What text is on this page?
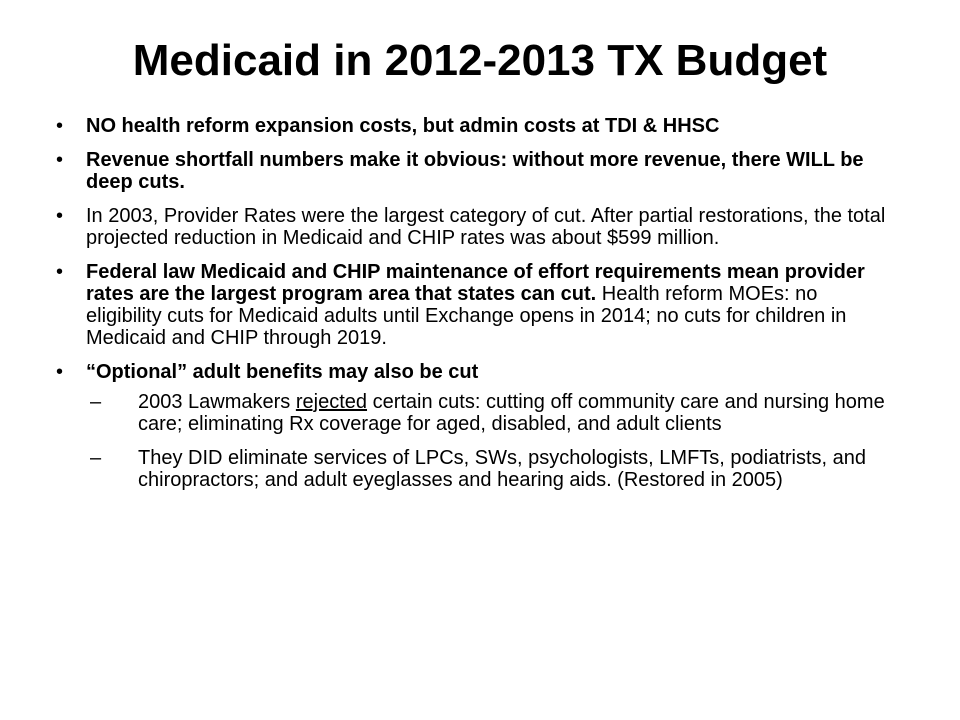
Medicaid in 2012-2013 TX Budget
•	NO health reform expansion costs, but admin costs at TDI & HHSC
•	Revenue shortfall numbers make it obvious: without more revenue, there WILL be deep cuts.
•	In 2003, Provider Rates were the largest category of cut. After partial restorations, the total projected reduction in Medicaid and CHIP rates was about $599 million.
•	Federal law Medicaid and CHIP maintenance of effort requirements mean provider rates are the largest program area that states can cut. Health reform MOEs: no eligibility cuts for Medicaid adults until Exchange opens in 2014; no cuts for children in Medicaid and CHIP through 2019.
•	“Optional” adult benefits may also be cut
–	2003 Lawmakers rejected certain cuts: cutting off community care and nursing home care; eliminating Rx coverage for aged, disabled, and adult clients
–	They DID eliminate services of LPCs, SWs, psychologists, LMFTs, podiatrists, and chiropractors; and adult eyeglasses and hearing aids. (Restored in 2005)
